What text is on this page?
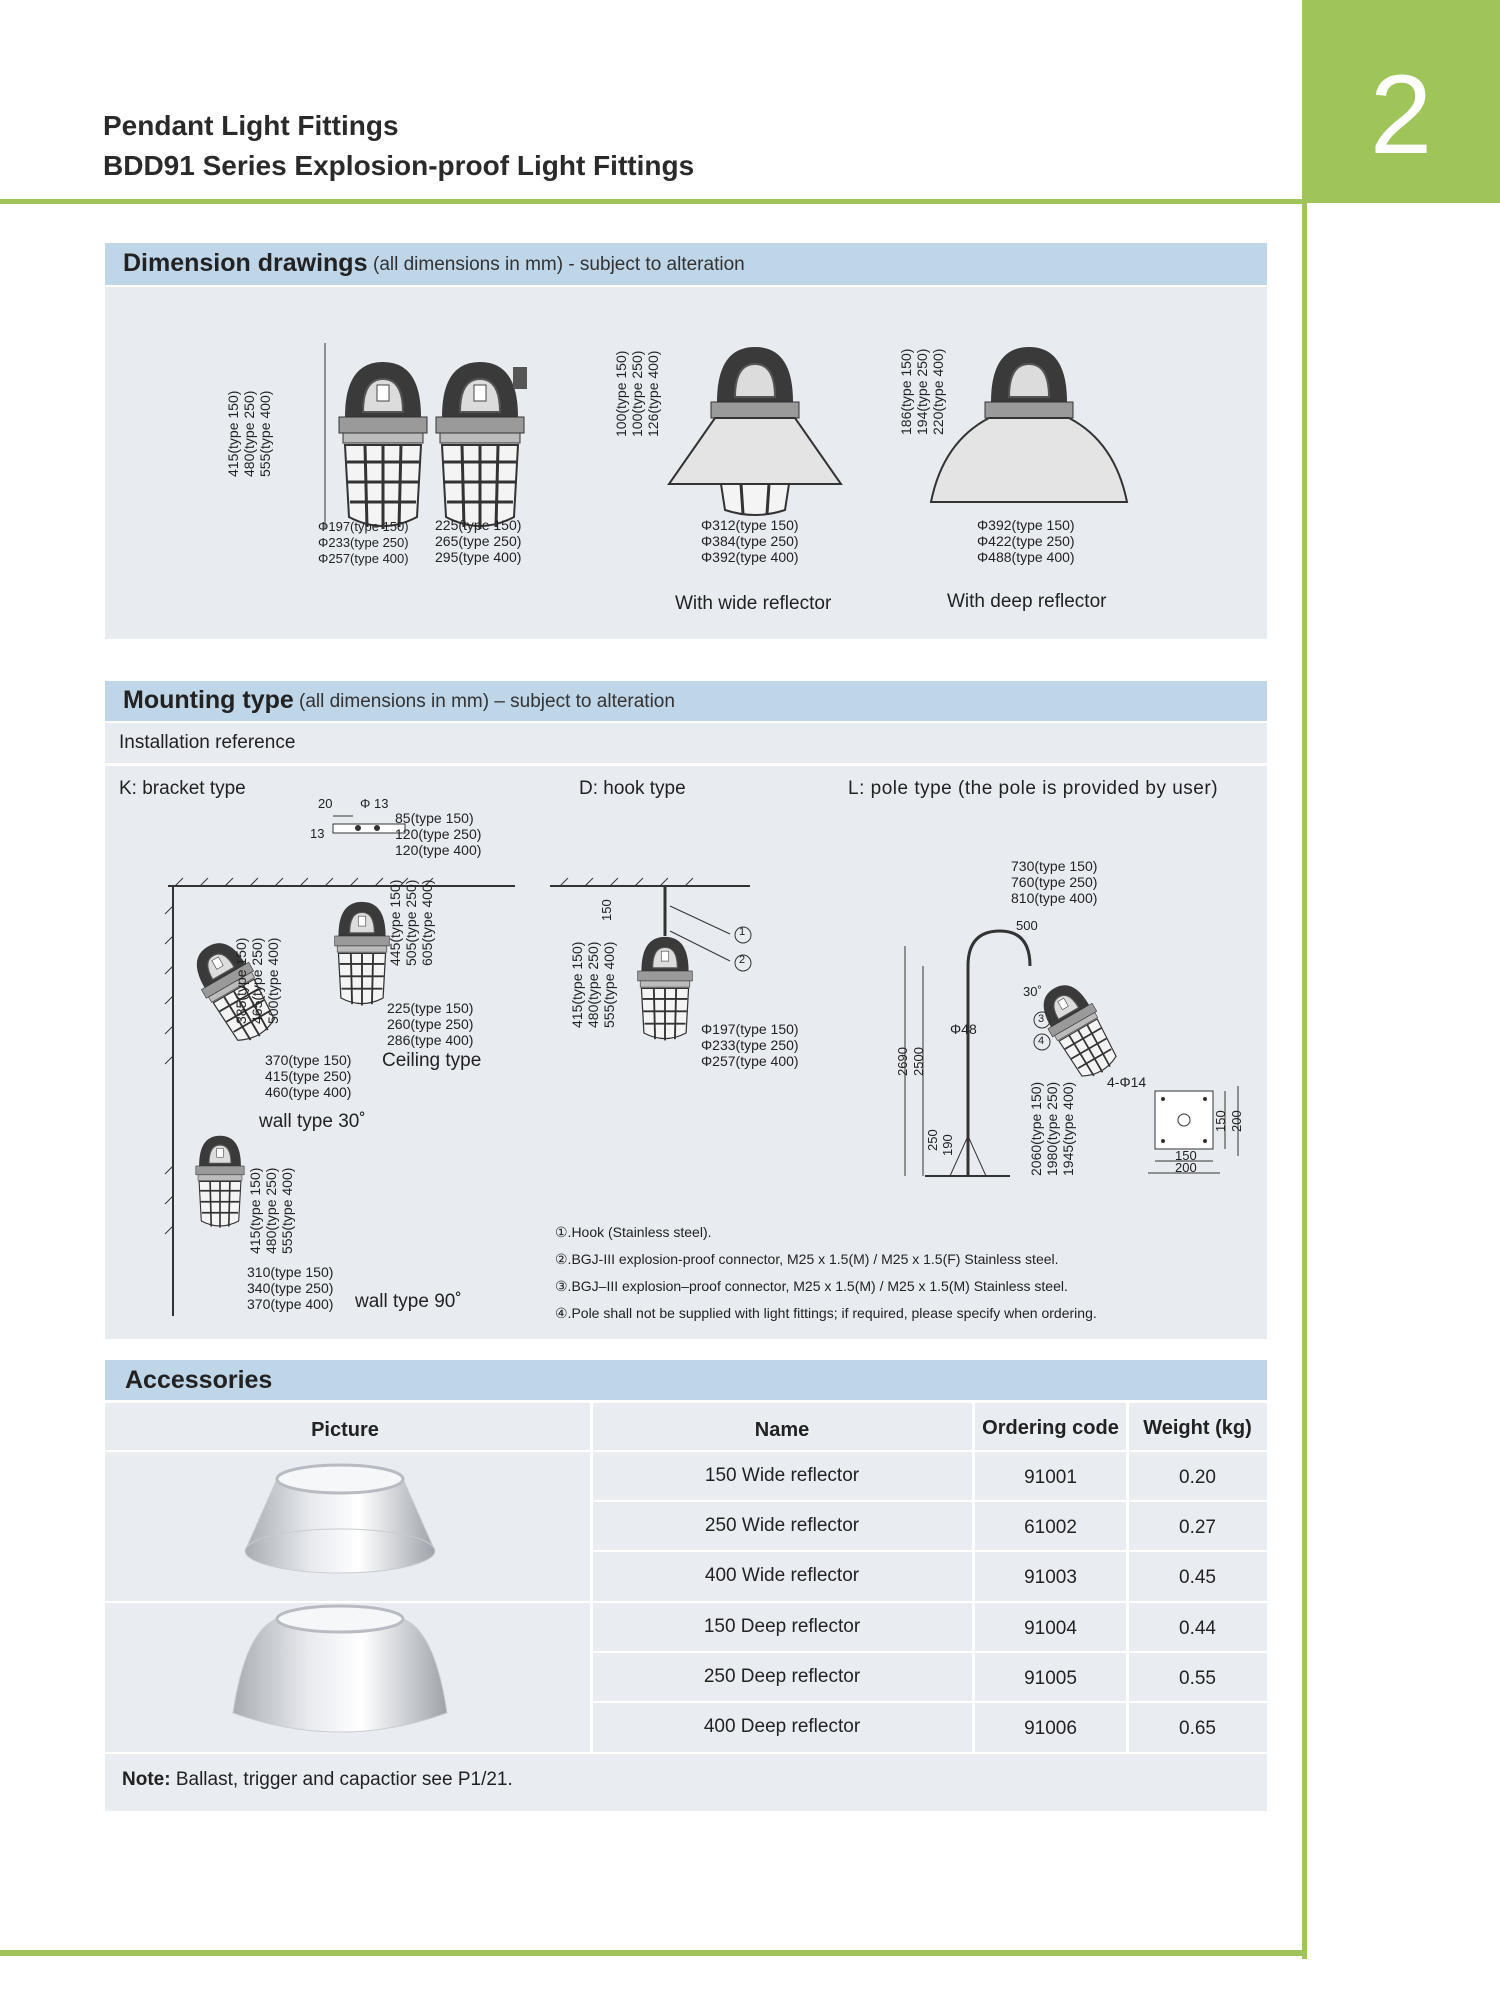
Pendant Light Fittings
BDD91 Series Explosion-proof Light Fittings	2
Dimension drawings (all dimensions in mm) - subject to alteration
415(type 150) 480(type 250) 555(type 400)
Φ197(type 150)
Φ233(type 250)
Φ257(type 400)
225(type 150)
265(type 250)
295(type 400)
100(type 150) 100(type 250) 126(type 400)
Φ312(type 150)
Φ384(type 250)
Φ392(type 400)
With wide reflector
186(type 150) 194(type 250) 220(type 400)
Φ392(type 150)
Φ422(type 250)
Φ488(type 400)
With deep reflector
Mounting type (all dimensions in mm) – subject to alteration
Installation reference
K: bracket type	D: hook type	L: pole type (the pole is provided by user)
20 Φ 13
13
85(type 150)
120(type 250)
120(type 400)
385(type 150) 465(type 250) 500(type 400)
445(type 150) 505(type 250) 605(type 400)
225(type 150)
260(type 250)
286(type 400)
370(type 150)
415(type 250)
460(type 400)
Ceiling type
wall type 30˚
415(type 150) 480(type 250) 555(type 400)
310(type 150)
340(type 250)
370(type 400) wall type 90˚
150
415(type 150) 480(type 250) 555(type 400)
Φ197(type 150)
Φ233(type 250)
Φ257(type 400)
1
2
730(type 150)
760(type 250)
810(type 400)
500
30˚
Φ48
3
4
2690 2500
250 190	2060(type 150) 1980(type 250) 1945(type 400) 4-Φ14
150
200
150 200
①.Hook (Stainless steel).
②.BGJ-III explosion-proof connector, M25 x 1.5(M) / M25 x 1.5(F) Stainless steel.
③.BGJ–III explosion–proof connector, M25 x 1.5(M) / M25 x 1.5(M) Stainless steel.
④.Pole shall not be supplied with light fittings; if required, please specify when ordering.
Accessories
Picture	Name	Ordering code	Weight (kg)
150 Wide reflector	91001	0.20
250 Wide reflector	61002	0.27
400 Wide reflector	91003	0.45
150 Deep reflector	91004	0.44
250 Deep reflector	91005	0.55
400 Deep reflector	91006	0.65
Note: Ballast, trigger and capactior see P1/21.
